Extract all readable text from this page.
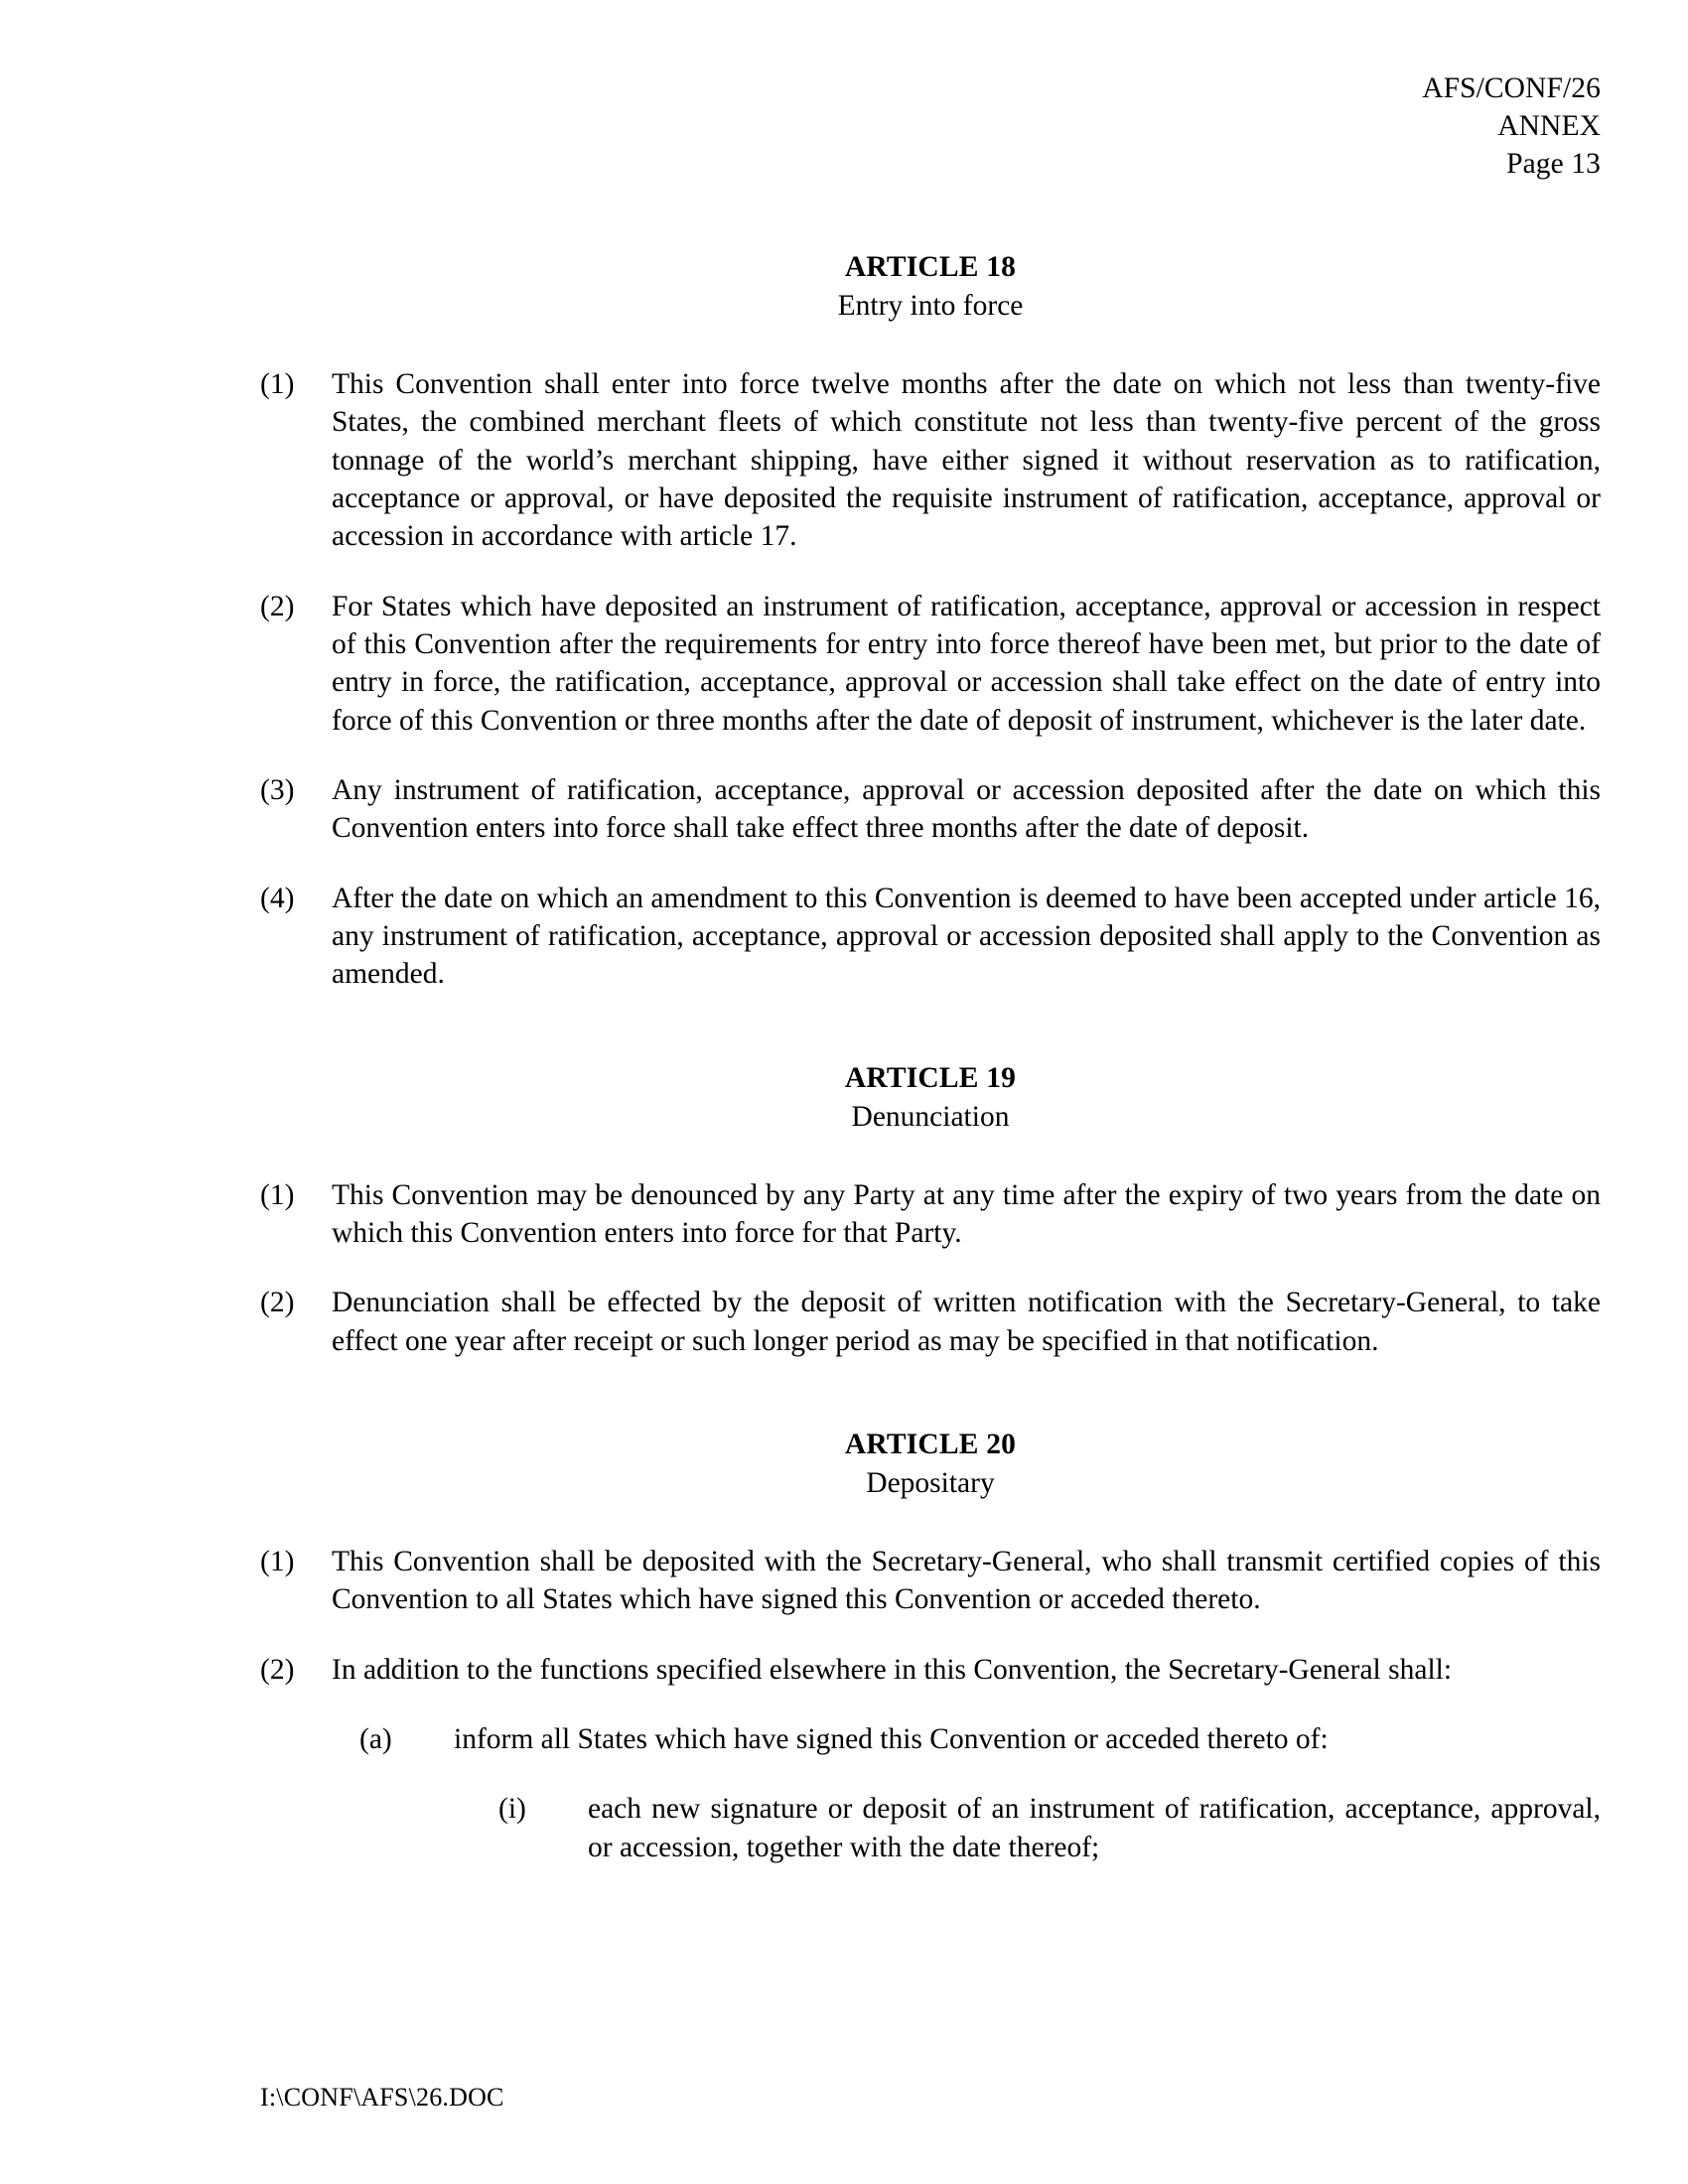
AFS/CONF/26
ANNEX
Page 13
ARTICLE 18
Entry into force
(1)	This Convention shall enter into force twelve months after the date on which not less than twenty-five States, the combined merchant fleets of which constitute not less than twenty-five percent of the gross tonnage of the world’s merchant shipping, have either signed it without reservation as to ratification, acceptance or approval, or have deposited the requisite instrument of ratification, acceptance, approval or accession in accordance with article 17.
(2)	For States which have deposited an instrument of ratification, acceptance, approval or accession in respect of this Convention after the requirements for entry into force thereof have been met, but prior to the date of entry in force, the ratification, acceptance, approval or accession shall take effect on the date of entry into force of this Convention or three months after the date of deposit of instrument, whichever is the later date.
(3)	Any instrument of ratification, acceptance, approval or accession deposited after the date on which this Convention enters into force shall take effect three months after the date of deposit.
(4)	After the date on which an amendment to this Convention is deemed to have been accepted under article 16, any instrument of ratification, acceptance, approval or accession deposited shall apply to the Convention as amended.
ARTICLE 19
Denunciation
(1)	This Convention may be denounced by any Party at any time after the expiry of two years from the date on which this Convention enters into force for that Party.
(2)	Denunciation shall be effected by the deposit of written notification with the Secretary-General, to take effect one year after receipt or such longer period as may be specified in that notification.
ARTICLE 20
Depositary
(1)	This Convention shall be deposited with the Secretary-General, who shall transmit certified copies of this Convention to all States which have signed this Convention or acceded thereto.
(2)	In addition to the functions specified elsewhere in this Convention, the Secretary-General shall:
(a)	inform all States which have signed this Convention or acceded thereto of:
(i)	each new signature or deposit of an instrument of ratification, acceptance, approval, or accession, together with the date thereof;
I:\CONF\AFS\26.DOC
